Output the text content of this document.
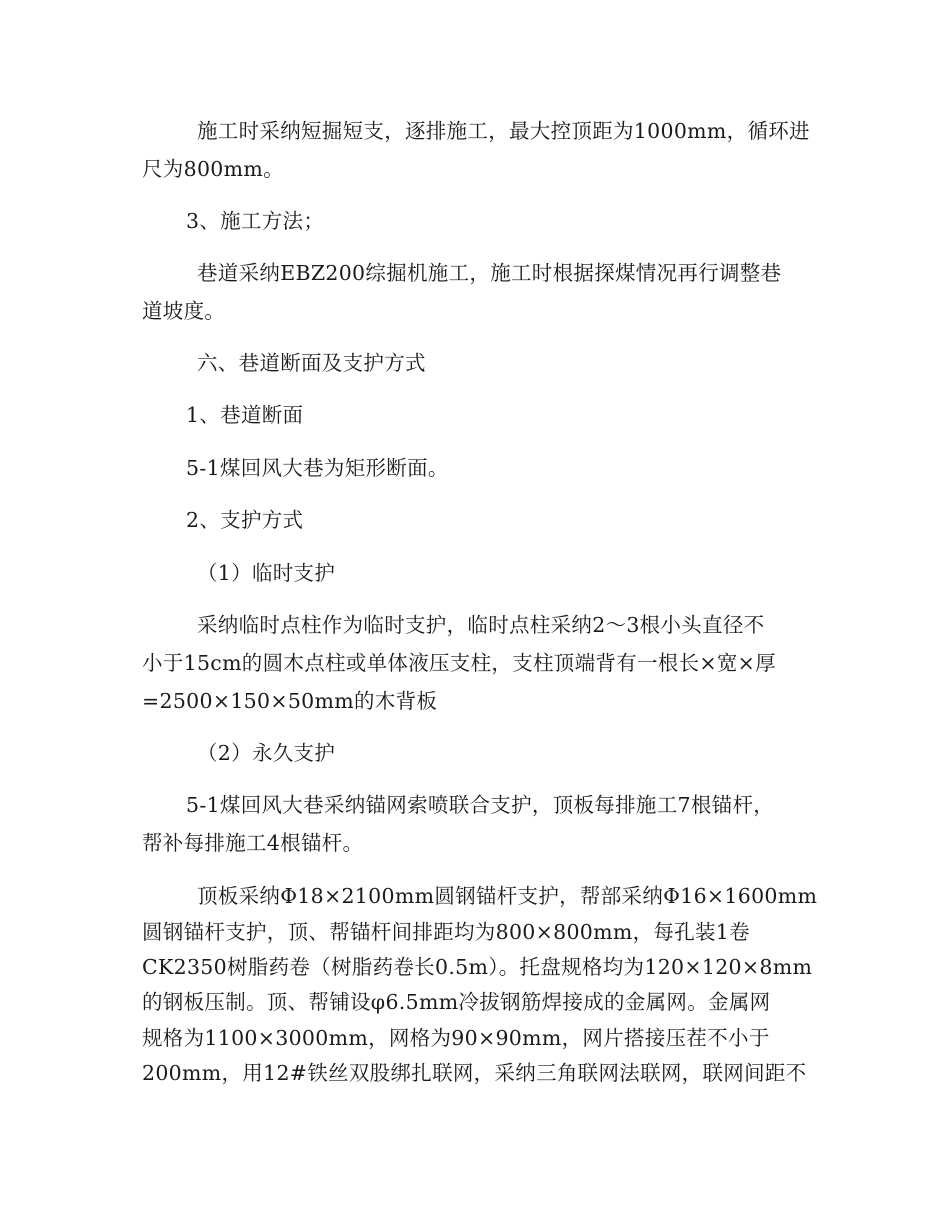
施工时采纳短掘短支，逐排施工，最大控顶距为1000mm，循环进
尺为800mm。
3、施工方法；
巷道采纳EBZ200综掘机施工，施工时根据探煤情况再行调整巷
道坡度。
六、巷道断面及支护方式
1、巷道断面
5-1煤回风大巷为矩形断面。
2、支护方式
（1）临时支护
采纳临时点柱作为临时支护，临时点柱采纳2～3根小头直径不
小于15cm的圆木点柱或单体液压支柱，支柱顶端背有一根长×宽×厚
=2500×150×50mm的木背板
（2）永久支护
5-1煤回风大巷采纳锚网索喷联合支护，顶板每排施工7根锚杆，
帮补每排施工4根锚杆。
顶板采纳Φ18×2100mm圆钢锚杆支护，帮部采纳Φ16×1600mm
圆钢锚杆支护，顶、帮锚杆间排距均为800×800mm，每孔装1卷
CK2350树脂药卷（树脂药卷长0.5m）。托盘规格均为120×120×8mm
的钢板压制。顶、帮铺设φ6.5mm冷拔钢筋焊接成的金属网。金属网
规格为1100×3000mm，网格为90×90mm，网片搭接压茬不小于
200mm，用12#铁丝双股绑扎联网，采纳三角联网法联网，联网间距不
